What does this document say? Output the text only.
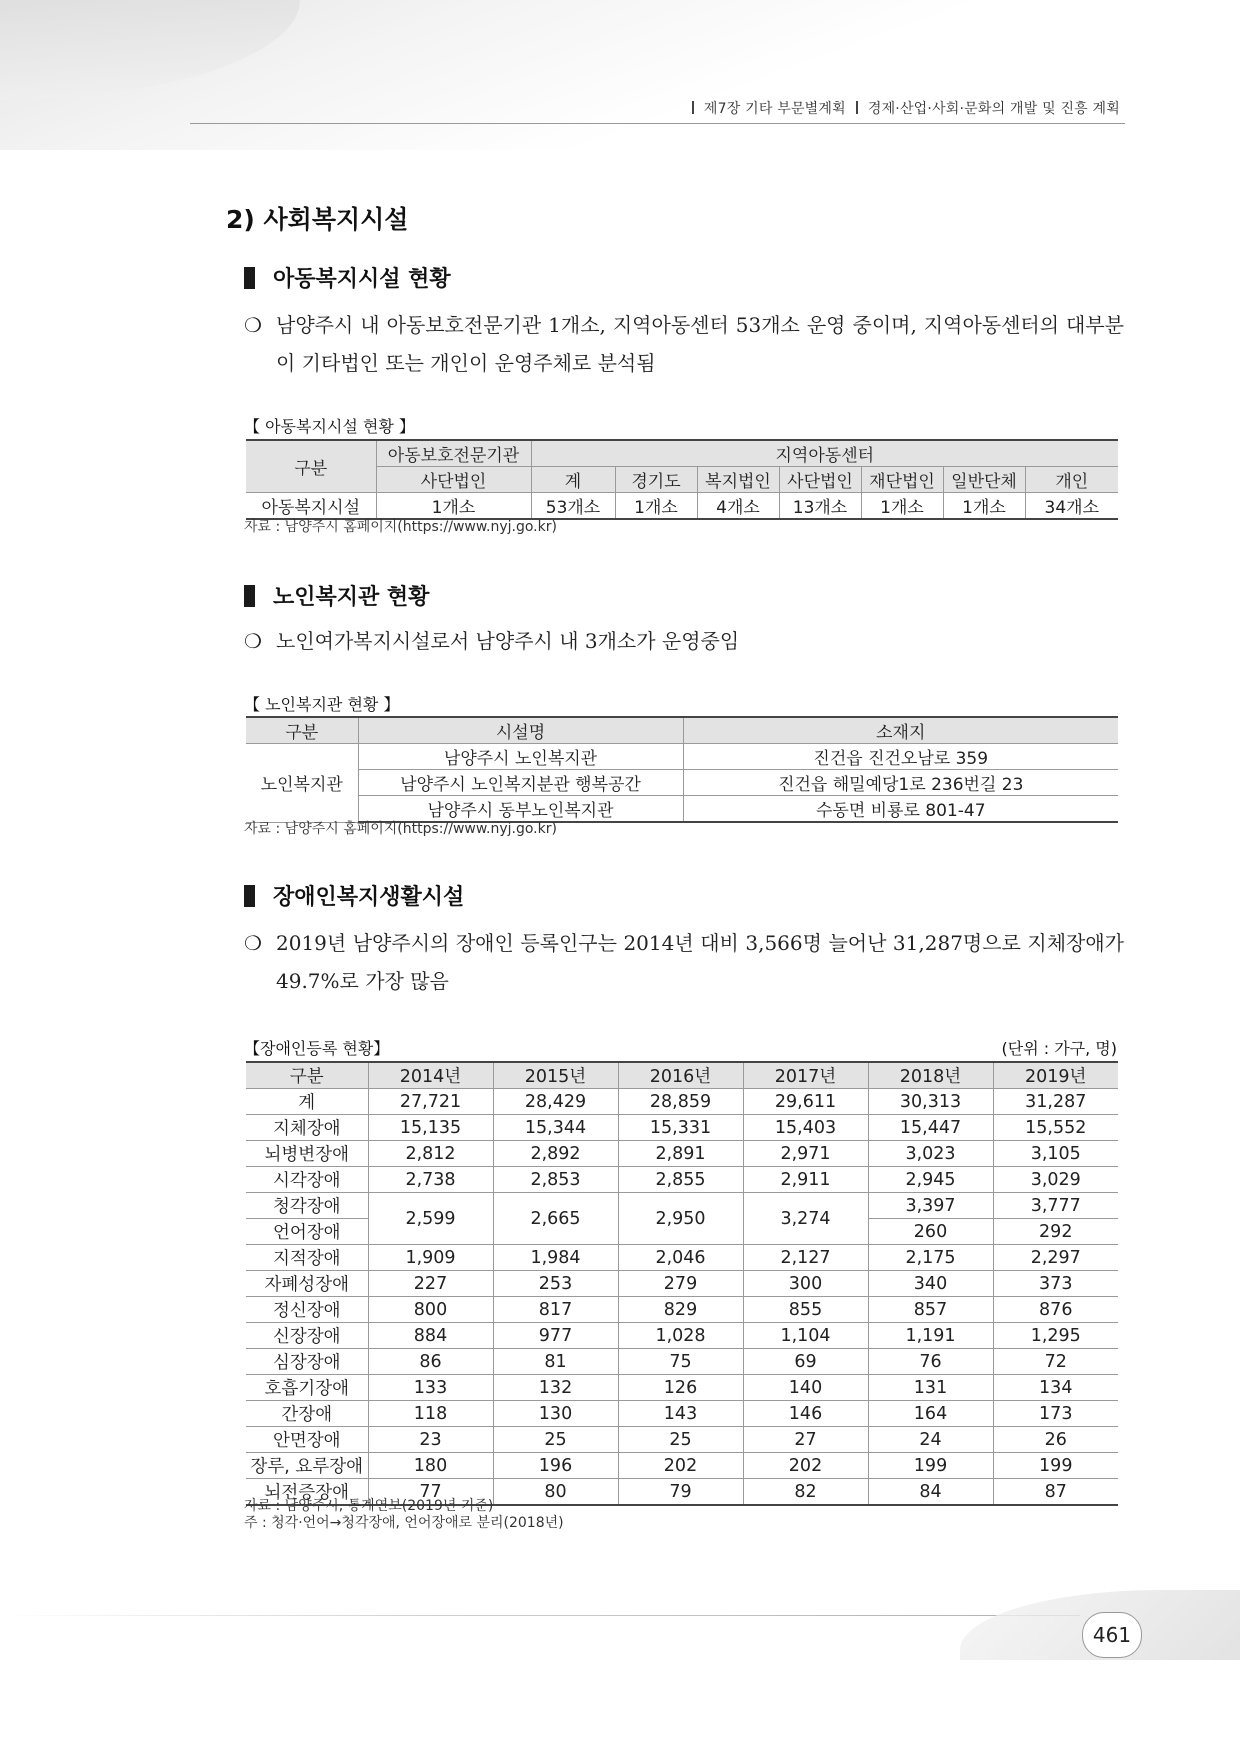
제7장 기타 부문별계획 경제·산업·사회·문화의 개발 및 진흥 계획
2) 사회복지시설
아동복지시설 현황
❍ 남양주시 내 아동보호전문기관 1개소, 지역아동센터 53개소 운영 중이며, 지역아동센터의 대부분이 기타법인 또는 개인이 운영주체로 분석됨
【 아동복지시설 현황 】
구분	아동보호전문기관	지역아동센터						
	사단법인	계	경기도	복지법인	사단법인	재단법인	일반단체	개인
아동복지시설	1개소	53개소	1개소	4개소	13개소	1개소	1개소	34개소
자료 : 남양주시 홈페이지(https://www.nyj.go.kr)
노인복지관 현황
❍ 노인여가복지시설로서 남양주시 내 3개소가 운영중임
【 노인복지관 현황 】
구분	시설명	소재지
노인복지관	남양주시 노인복지관	진건읍 진건오남로 359
	남양주시 노인복지분관 행복공간	진건읍 해밀예당1로 236번길 23
	남양주시 동부노인복지관	수동면 비룡로 801-47
자료 : 남양주시 홈페이지(https://www.nyj.go.kr)
장애인복지생활시설
❍ 2019년 남양주시의 장애인 등록인구는 2014년 대비 3,566명 늘어난 31,287명으로 지체장애가 49.7%로 가장 많음
【장애인등록 현황】	(단위 : 가구, 명)
구분	2014년	2015년	2016년	2017년	2018년	2019년
계	27,721	28,429	28,859	29,611	30,313	31,287
지체장애	15,135	15,344	15,331	15,403	15,447	15,552
뇌병변장애	2,812	2,892	2,891	2,971	3,023	3,105
시각장애	2,738	2,853	2,855	2,911	2,945	3,029
청각장애	2,599	2,665	2,950	3,274	3,397	3,777
언어장애					260	292
지적장애	1,909	1,984	2,046	2,127	2,175	2,297
자폐성장애	227	253	279	300	340	373
정신장애	800	817	829	855	857	876
신장장애	884	977	1,028	1,104	1,191	1,295
심장장애	86	81	75	69	76	72
호흡기장애	133	132	126	140	131	134
간장애	118	130	143	146	164	173
안면장애	23	25	25	27	24	26
장루, 요루장애	180	196	202	202	199	199
뇌전증장애	77	80	79	82	84	87
자료 : 남양주시, 통계연보(2019년 기준)
주 : 청각·언어→청각장애, 언어장애로 분리(2018년)
461
